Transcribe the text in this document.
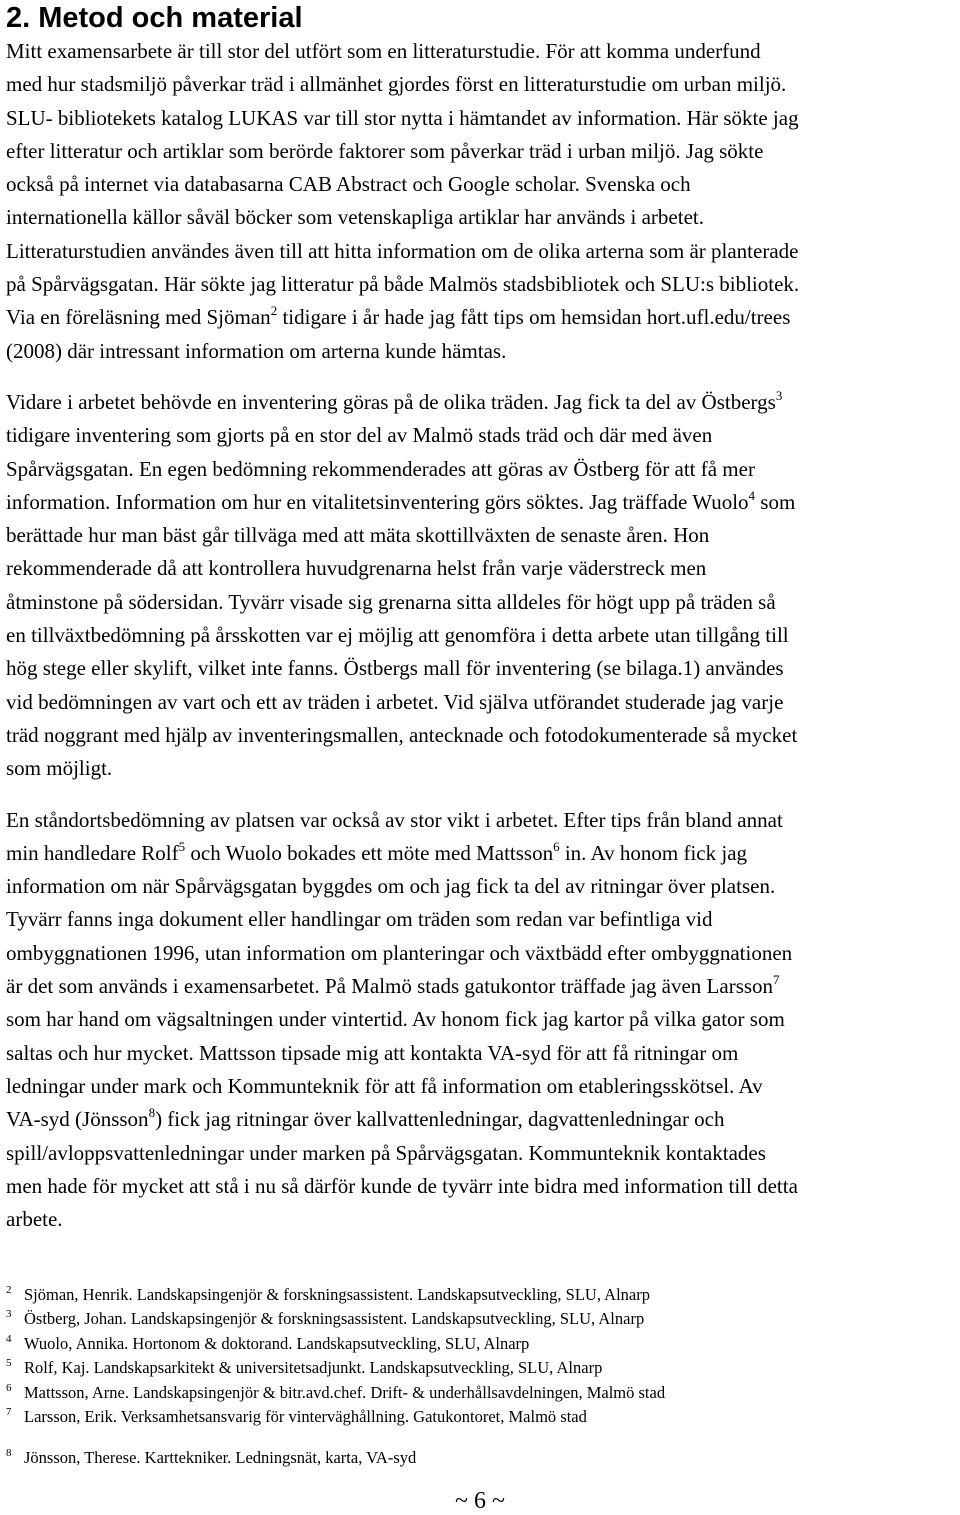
2. Metod och material
Mitt examensarbete är till stor del utfört som en litteraturstudie. För att komma underfund
med hur stadsmiljö påverkar träd i allmänhet gjordes först en litteraturstudie om urban miljö.
SLU- bibliotekets katalog LUKAS var till stor nytta i hämtandet av information. Här sökte jag
efter litteratur och artiklar som berörde faktorer som påverkar träd i urban miljö. Jag sökte
också på internet via databasarna CAB Abstract och Google scholar. Svenska och
internationella källor såväl böcker som vetenskapliga artiklar har används i arbetet.
Litteraturstudien användes även till att hitta information om de olika arterna som är planterade
på Spårvägsgatan. Här sökte jag litteratur på både Malmös stadsbibliotek och SLU:s bibliotek.
Via en föreläsning med Sjöman$^2$ tidigare i år hade jag fått tips om hemsidan hort.ufl.edu/trees
(2008) där intressant information om arterna kunde hämtas.
Vidare i arbetet behövde en inventering göras på de olika träden. Jag fick ta del av Östbergs$^3$
tidigare inventering som gjorts på en stor del av Malmö stads träd och där med även
Spårvägsgatan. En egen bedömning rekommenderades att göras av Östberg för att få mer
information. Information om hur en vitalitetsinventering görs söktes. Jag träffade Wuolo$^4$ som
berättade hur man bäst går tillväga med att mäta skottillväxten de senaste åren. Hon
rekommenderade då att kontrollera huvudgrenarna helst från varje väderstreck men
åtminstone på södersidan. Tyvärr visade sig grenarna sitta alldeles för högt upp på träden så
en tillväxtbedömning på årsskotten var ej möjlig att genomföra i detta arbete utan tillgång till
hög stege eller skylift, vilket inte fanns. Östbergs mall för inventering (se bilaga.1) användes
vid bedömningen av vart och ett av träden i arbetet. Vid själva utförandet studerade jag varje
träd noggrant med hjälp av inventeringsmallen, antecknade och fotodokumenterade så mycket
som möjligt.
En ståndortsbedömning av platsen var också av stor vikt i arbetet. Efter tips från bland annat
min handledare Rolf$^5$ och Wuolo bokades ett möte med Mattsson$^6$ in. Av honom fick jag
information om när Spårvägsgatan byggdes om och jag fick ta del av ritningar över platsen.
Tyvärr fanns inga dokument eller handlingar om träden som redan var befintliga vid
ombyggnationen 1996, utan information om planteringar och växtbädd efter ombyggnationen
är det som används i examensarbetet. På Malmö stads gatukontor träffade jag även Larsson$^7$
som har hand om vägsaltningen under vintertid. Av honom fick jag kartor på vilka gator som
saltas och hur mycket. Mattsson tipsade mig att kontakta VA-syd för att få ritningar om
ledningar under mark och Kommunteknik för att få information om etableringsskötsel. Av
VA-syd (Jönsson$^8$) fick jag ritningar över kallvattenledningar, dagvattenledningar och
spill/avloppsvattenledningar under marken på Spårvägsgatan. Kommunteknik kontaktades
men hade för mycket att stå i nu så därför kunde de tyvärr inte bidra med information till detta
arbete.

2 Sjöman, Henrik. Landskapsingenjör & forskningsassistent. Landskapsutveckling, SLU, Alnarp

3 Östberg, Johan. Landskapsingenjör & forskningsassistent. Landskapsutveckling, SLU, Alnarp

4 Wuolo, Annika. Hortonom & doktorand. Landskapsutveckling, SLU, Alnarp

5 Rolf, Kaj. Landskapsarkitekt & universitetsadjunkt. Landskapsutveckling, SLU, Alnarp

6 Mattsson, Arne. Landskapsingenjör & bitr.avd.chef. Drift- & underhållsavdelningen, Malmö stad

7 Larsson, Erik. Verksamhetsansvarig för vinterväghållning. Gatukontoret, Malmö stad

8 Jönsson, Therese. Karttekniker. Ledningsnät, karta, VA-syd

~ 6 ~
